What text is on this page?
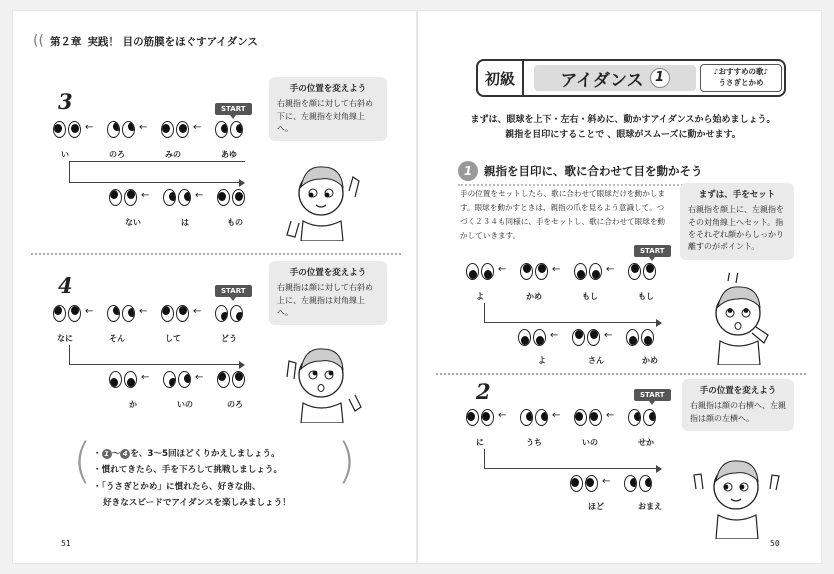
(( 第２章 実践！ 目の筋膜をほぐすアイダンス
3	START
←	←	←
い	のろ	みの	あゆ
←	←
ない	は	もの
手の位置を変えよう
右親指を顔に対して右斜め下に、左親指を対角線上へ。
4	START
←	←	←
なに	そん	して	どう
←	←
か	いの	のろ
手の位置を変えよう
右親指は顔に対して右斜め上に、左親指は対角線上へ。
(	)
・ 1 〜 4 を、3〜5回ほどくりかえしましょう。
・慣れてきたら、手を下ろして挑戦しましょう。
・「うさぎとかめ」に慣れたら、好きな曲、
好きなスピードでアイダンスを楽しみましょう！
51
初級	アイダンス 1	♪おすすめの歌♪
うさぎとかめ
まずは、眼球を上下・左右・斜めに、動かすアイダンスから始めましょう。
親指を目印にすることで 、眼球がスムーズに動かせます。
1	親指を目印に、歌に合わせて目を動かそう
手の位置をセットしたら、歌に合わせて眼球だけを動かします。眼球を動かすときは、親指の爪を見るよう意識して。つづく２３４も同様に、手をセットし、歌に合わせて眼球を動かしていきます。
まずは、手をセット
右親指を顔上に、左親指をその対角線上へセット。指をそれぞれ顔からしっかり離すのがポイント。
START
←	←	←
よ	かめ	もし	もし
←	←
よ	さん	かめ
2	START
←	←	←
に	うち	いの	せか
←
ほど	おまえ
手の位置を変えよう
右親指は顔の右横へ、左親指は顔の左横へ。
50
